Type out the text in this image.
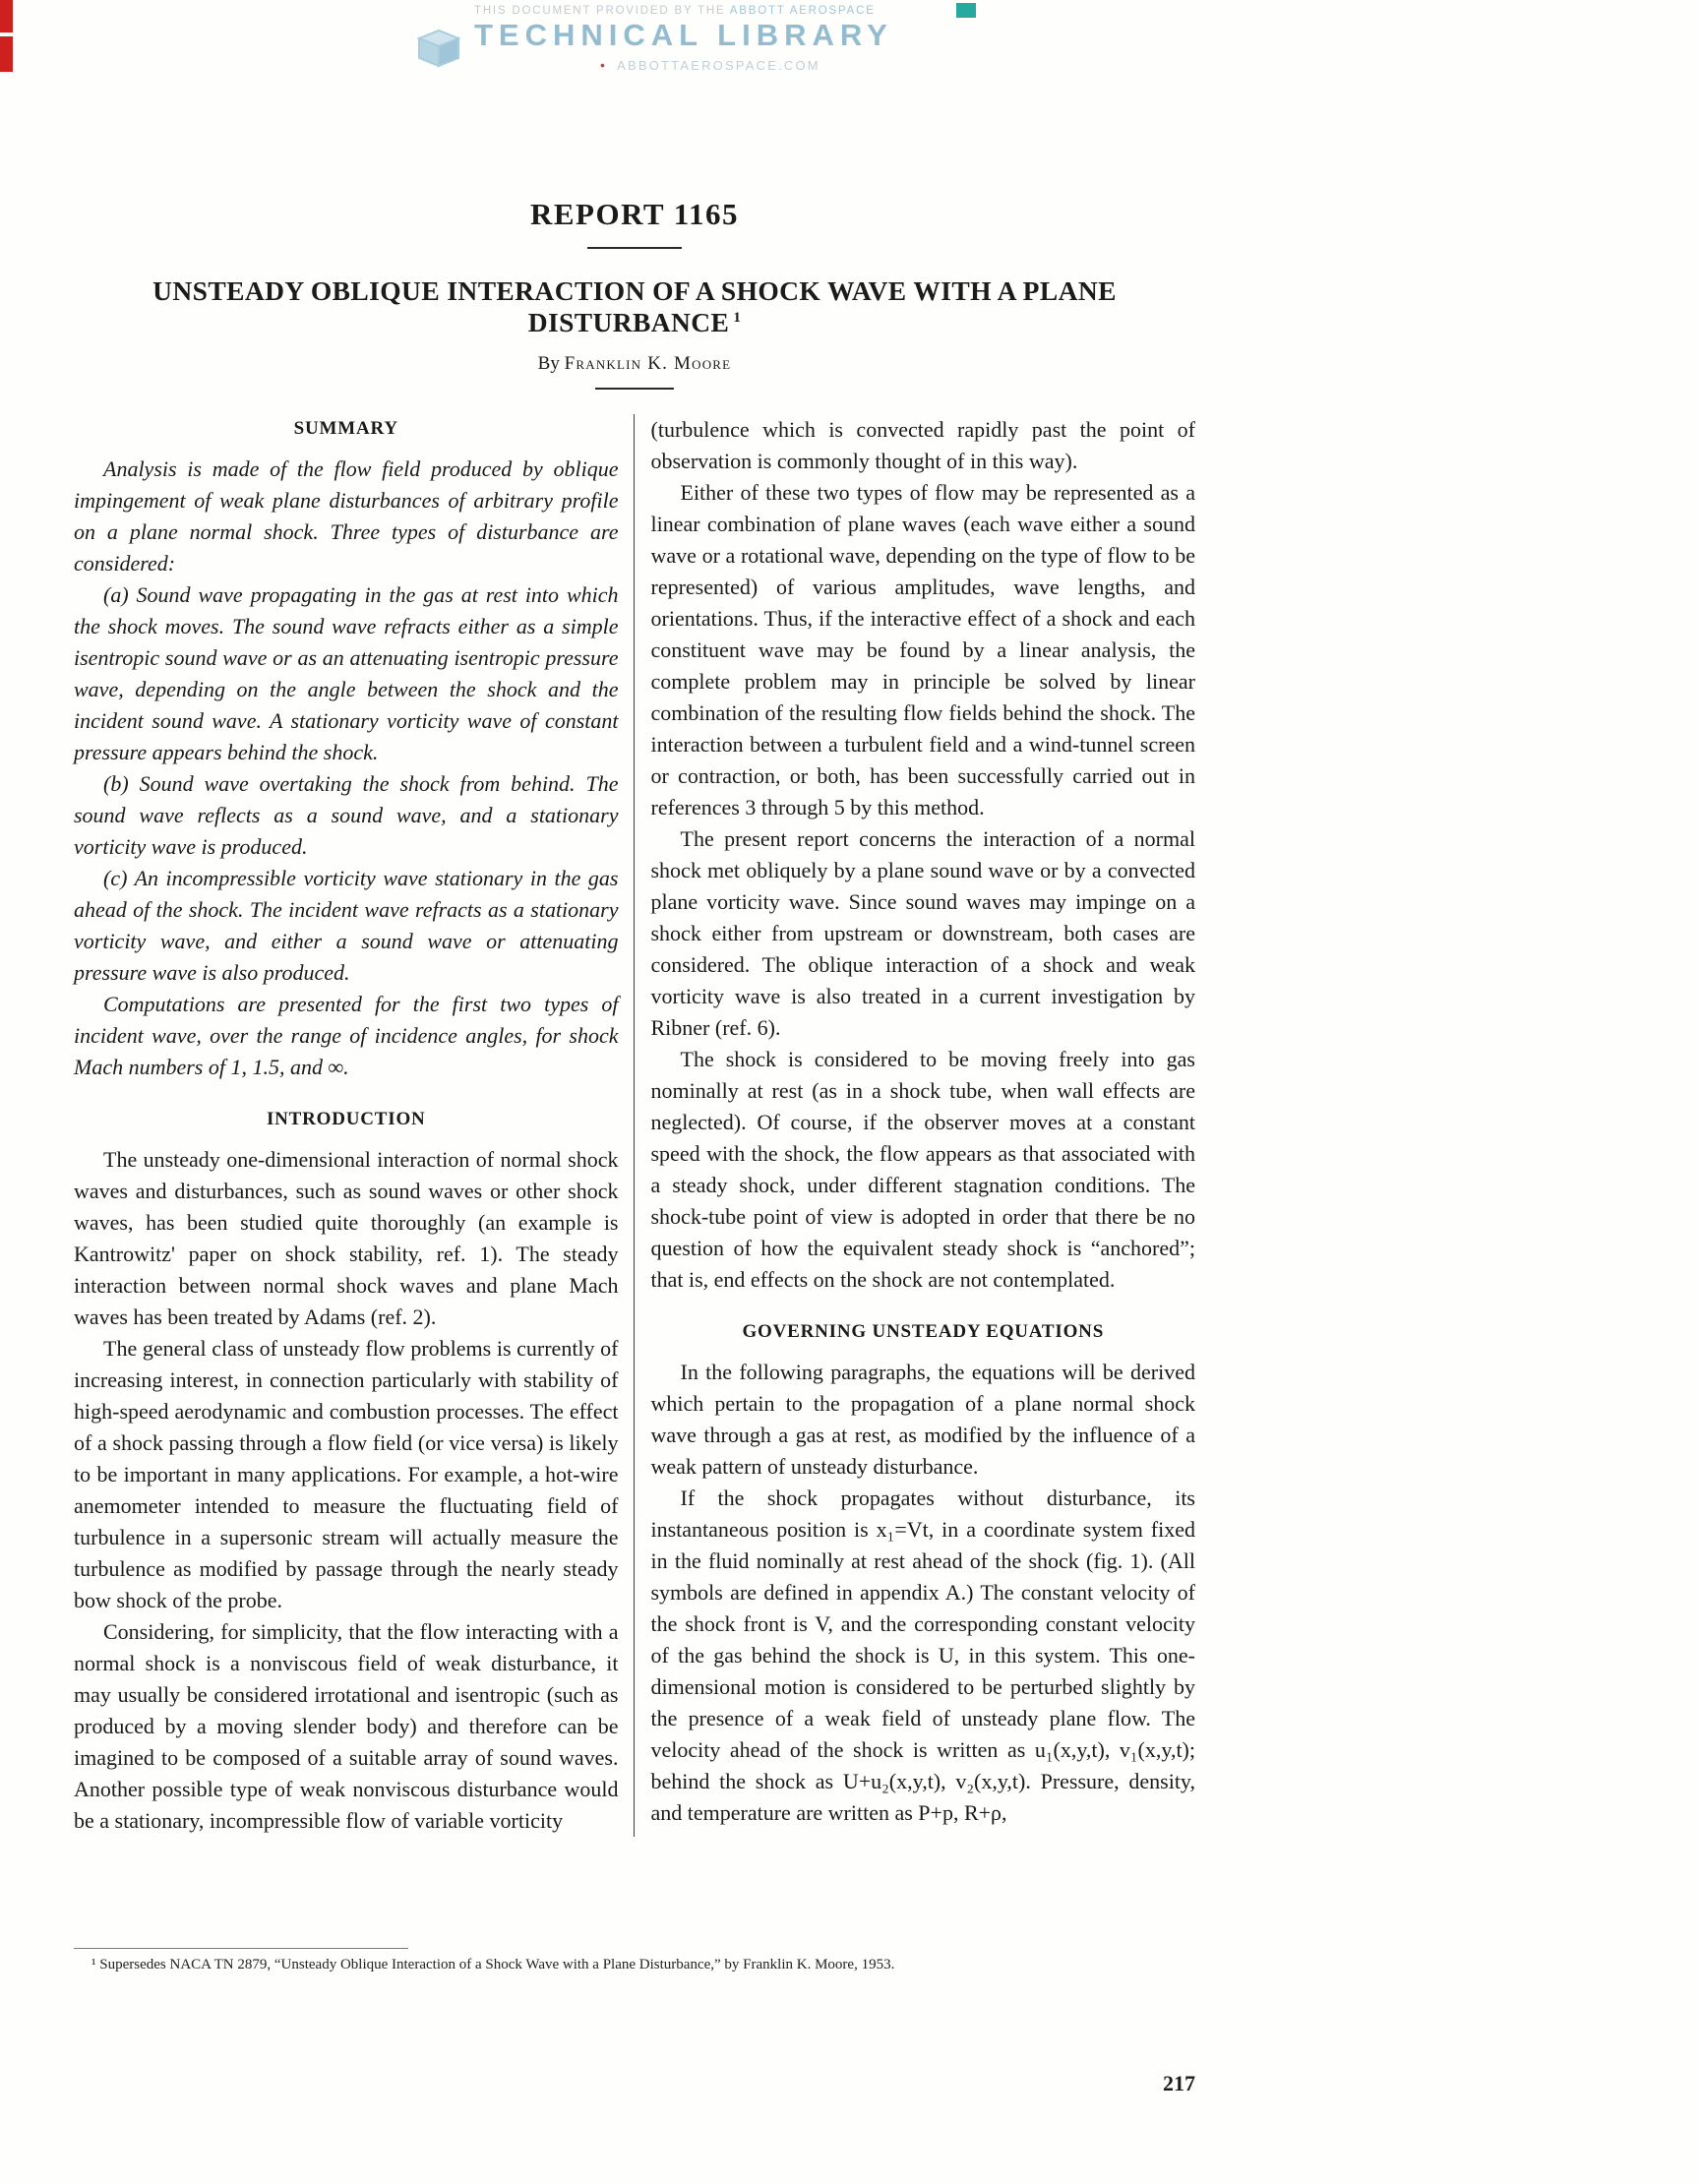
THIS DOCUMENT PROVIDED BY THE ABBOTT AEROSPACE
TECHNICAL LIBRARY
• ABBOTTAEROSPACE.COM
REPORT 1165
UNSTEADY OBLIQUE INTERACTION OF A SHOCK WAVE WITH A PLANE DISTURBANCE $^1$
By Franklin K. Moore
SUMMARY

Analysis is made of the flow field produced by oblique impingement of weak plane disturbances of arbitrary profile on a plane normal shock. Three types of disturbance are considered:

(a) Sound wave propagating in the gas at rest into which the shock moves. The sound wave refracts either as a simple isentropic sound wave or as an attenuating isentropic pressure wave, depending on the angle between the shock and the incident sound wave. A stationary vorticity wave of constant pressure appears behind the shock.

(b) Sound wave overtaking the shock from behind. The sound wave reflects as a sound wave, and a stationary vorticity wave is produced.

(c) An incompressible vorticity wave stationary in the gas ahead of the shock. The incident wave refracts as a stationary vorticity wave, and either a sound wave or attenuating pressure wave is also produced.

Computations are presented for the first two types of incident wave, over the range of incidence angles, for shock Mach numbers of 1, 1.5, and ∞.

INTRODUCTION

The unsteady one-dimensional interaction of normal shock waves and disturbances, such as sound waves or other shock waves, has been studied quite thoroughly (an example is Kantrowitz' paper on shock stability, ref. 1). The steady interaction between normal shock waves and plane Mach waves has been treated by Adams (ref. 2).

The general class of unsteady flow problems is currently of increasing interest, in connection particularly with stability of high-speed aerodynamic and combustion processes. The effect of a shock passing through a flow field (or vice versa) is likely to be important in many applications. For example, a hot-wire anemometer intended to measure the fluctuating field of turbulence in a supersonic stream will actually measure the turbulence as modified by passage through the nearly steady bow shock of the probe.

Considering, for simplicity, that the flow interacting with a normal shock is a nonviscous field of weak disturbance, it may usually be considered irrotational and isentropic (such as produced by a moving slender body) and therefore can be imagined to be composed of a suitable array of sound waves. Another possible type of weak nonviscous disturbance would be a stationary, incompressible flow of variable vorticity

(turbulence which is convected rapidly past the point of observation is commonly thought of in this way).

Either of these two types of flow may be represented as a linear combination of plane waves (each wave either a sound wave or a rotational wave, depending on the type of flow to be represented) of various amplitudes, wave lengths, and orientations. Thus, if the interactive effect of a shock and each constituent wave may be found by a linear analysis, the complete problem may in principle be solved by linear combination of the resulting flow fields behind the shock. The interaction between a turbulent field and a wind-tunnel screen or contraction, or both, has been successfully carried out in references 3 through 5 by this method.

The present report concerns the interaction of a normal shock met obliquely by a plane sound wave or by a convected plane vorticity wave. Since sound waves may impinge on a shock either from upstream or downstream, both cases are considered. The oblique interaction of a shock and weak vorticity wave is also treated in a current investigation by Ribner (ref. 6).

The shock is considered to be moving freely into gas nominally at rest (as in a shock tube, when wall effects are neglected). Of course, if the observer moves at a constant speed with the shock, the flow appears as that associated with a steady shock, under different stagnation conditions. The shock-tube point of view is adopted in order that there be no question of how the equivalent steady shock is “anchored”; that is, end effects on the shock are not contemplated.

GOVERNING UNSTEADY EQUATIONS

In the following paragraphs, the equations will be derived which pertain to the propagation of a plane normal shock wave through a gas at rest, as modified by the influence of a weak pattern of unsteady disturbance.

If the shock propagates without disturbance, its instantaneous position is x₁=Vt, in a coordinate system fixed in the fluid nominally at rest ahead of the shock (fig. 1). (All symbols are defined in appendix A.) The constant velocity of the shock front is V, and the corresponding constant velocity of the gas behind the shock is U, in this system. This one-dimensional motion is considered to be perturbed slightly by the presence of a weak field of unsteady plane flow. The velocity ahead of the shock is written as u₁(x,y,t), v₁(x,y,t); behind the shock as U+u₂(x,y,t), v₂(x,y,t). Pressure, density, and temperature are written as P+p, R+ρ,

¹ Supersedes NACA TN 2879, “Unsteady Oblique Interaction of a Shock Wave with a Plane Disturbance,” by Franklin K. Moore, 1953.
217
